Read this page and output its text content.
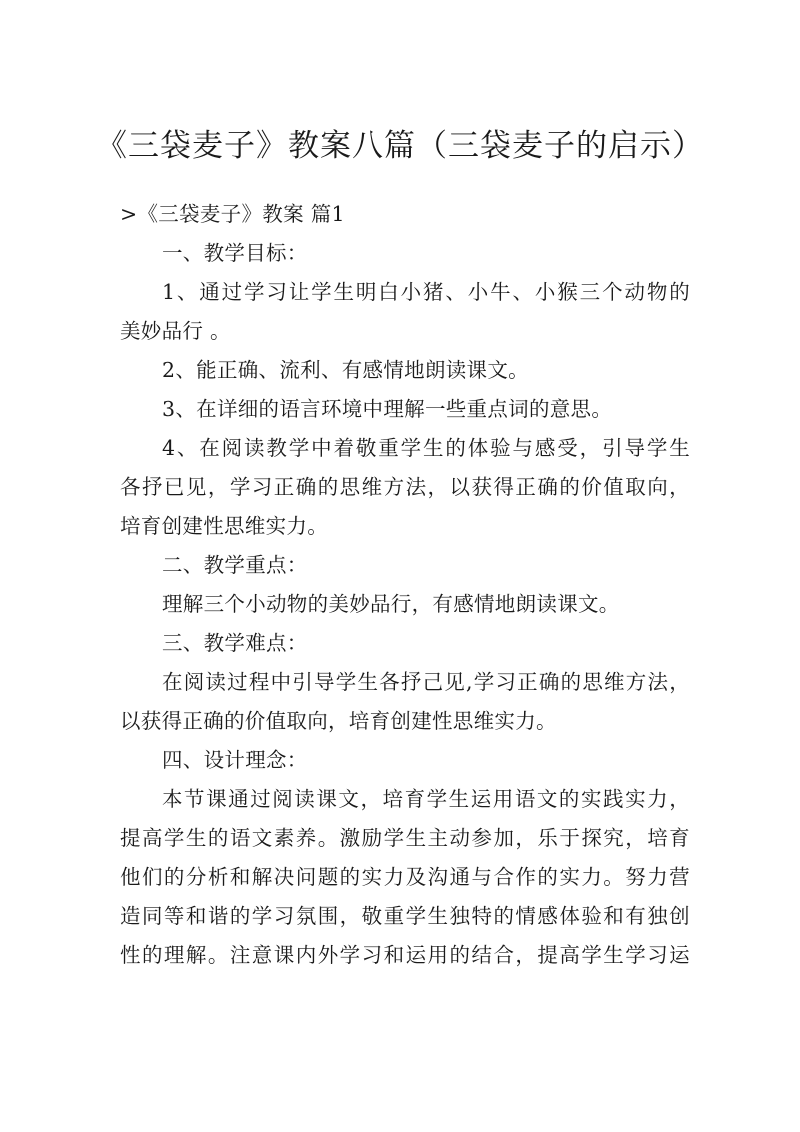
《三袋麦子》教案八篇（三袋麦子的启示）
>《三袋麦子》教案 篇1
一、教学目标：
1、通过学习让学生明白小猪、小牛、小猴三个动物的
美妙品行 。
2、能正确、流利、有感情地朗读课文。
3、在详细的语言环境中理解一些重点词的意思。
4、在阅读教学中着敬重学生的体验与感受，引导学生
各抒已见，学习正确的思维方法，以获得正确的价值取向，
培育创建性思维实力。
二、教学重点：
理解三个小动物的美妙品行，有感情地朗读课文。
三、教学难点：
在阅读过程中引导学生各抒己见,学习正确的思维方法，
以获得正确的价值取向，培育创建性思维实力。
四、设计理念：
本节课通过阅读课文，培育学生运用语文的实践实力，
提高学生的语文素养。激励学生主动参加，乐于探究，培育
他们的分析和解决问题的实力及沟通与合作的实力。努力营
造同等和谐的学习氛围，敬重学生独特的情感体验和有独创
性的理解。注意课内外学习和运用的结合，提高学生学习运
